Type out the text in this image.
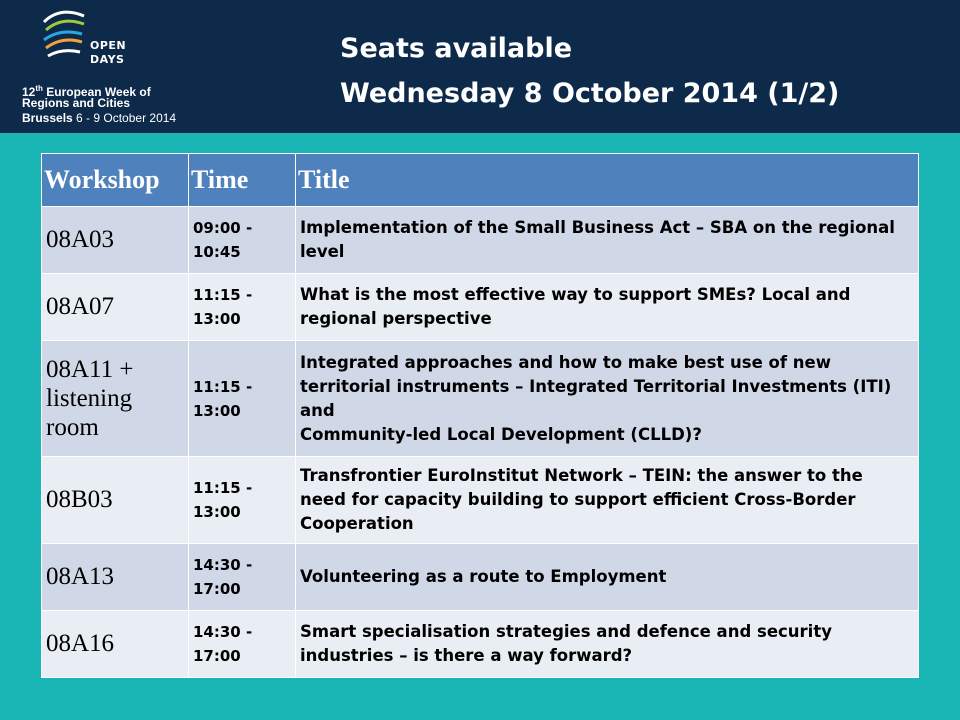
OPEN
DAYS
12th European Week of
Regions and Cities
Brussels 6 - 9 October 2014
Seats available
Wednesday 8 October 2014 (1/2)
Workshop	Time	Title
08A03	09:00 - 10:45	Implementation of the Small Business Act – SBA on the regional level
08A07	11:15 - 13:00	What is the most effective way to support SMEs? Local and regional perspective
08A11 + listening room	11:15 - 13:00	Integrated approaches and how to make best use of new territorial instruments – Integrated Territorial Investments (ITI) and
Community-led Local Development (CLLD)?
08B03	11:15 - 13:00	Transfrontier EuroInstitut Network – TEIN: the answer to the need for capacity building to support efficient Cross-Border Cooperation
08A13	14:30 - 17:00	Volunteering as a route to Employment
08A16	14:30 - 17:00	Smart specialisation strategies and defence and security industries – is there a way forward?
